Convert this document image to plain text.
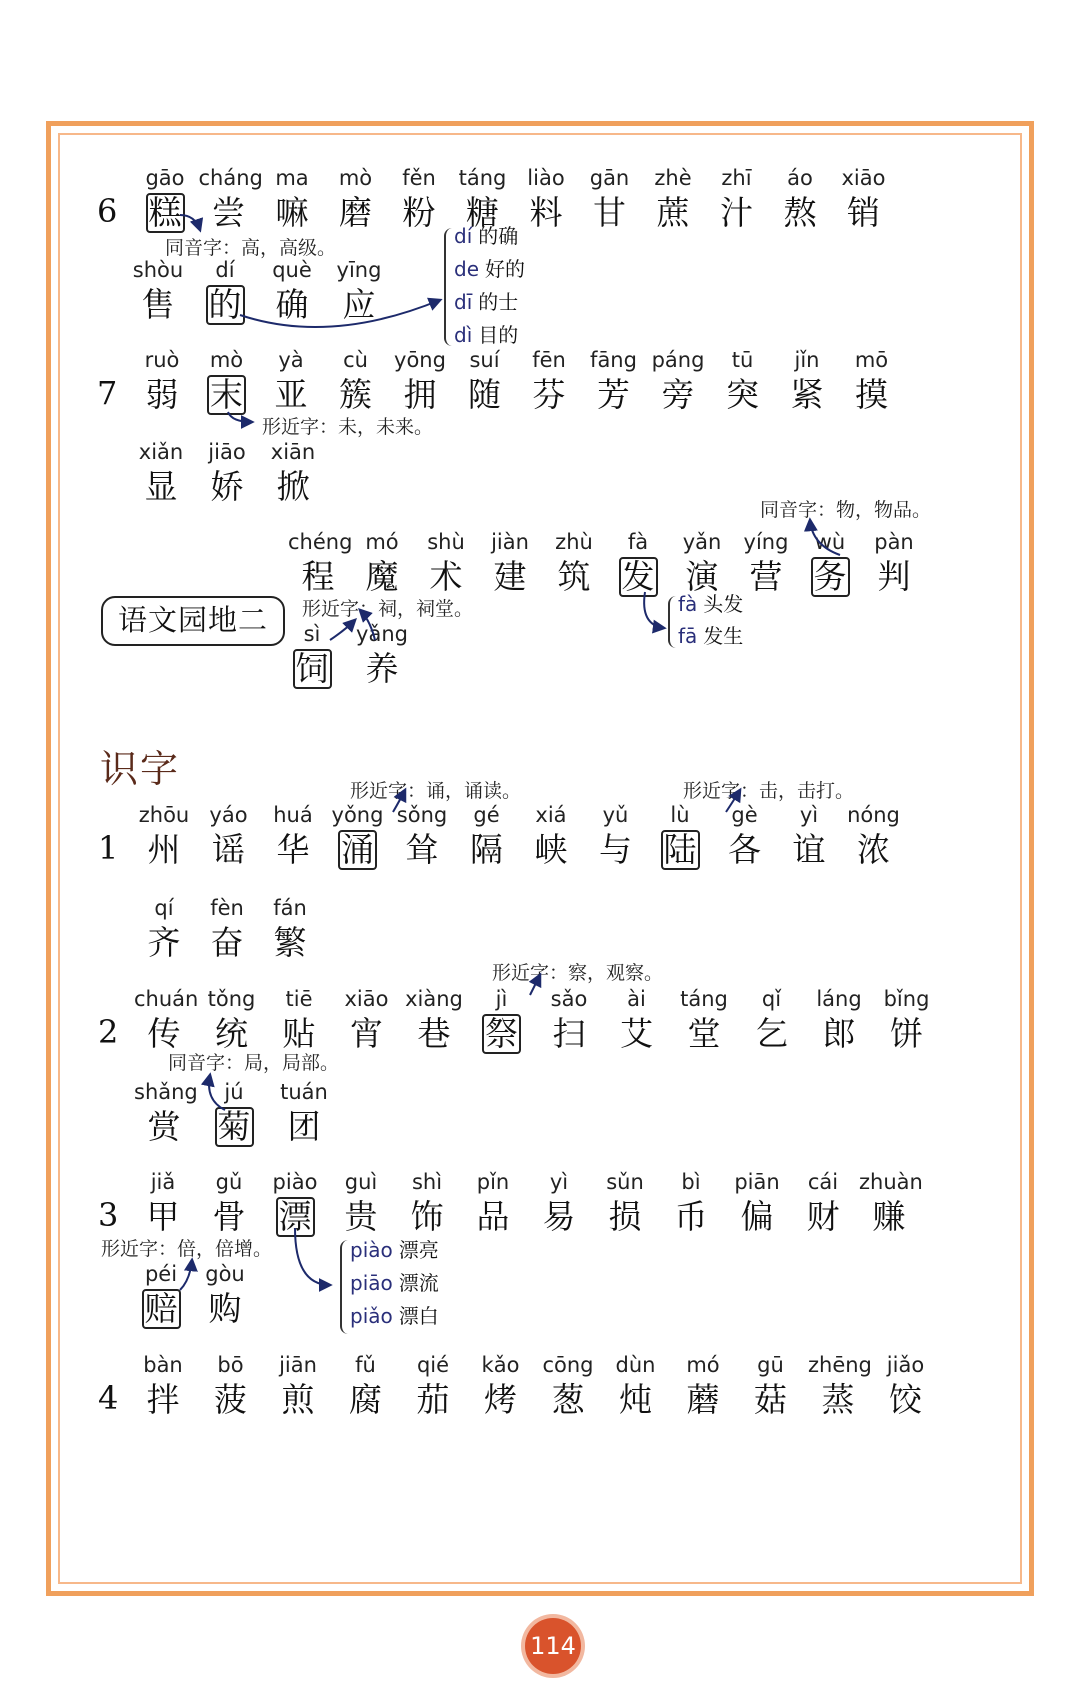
6
gāo
糕
cháng
尝
ma
嘛
mò
磨
fěn
粉
táng
糖
liào
料
gān
甘
zhè
蔗
zhī
汁
áo
熬
xiāo
销
shòu
售
dí
的
què
确
yīng
应
7
ruò
弱
mò
末
yà
亚
cù
簇
yōng
拥
suí
随
fēn
芬
fāng
芳
páng
旁
tū
突
jǐn
紧
mō
摸
xiǎn
显
jiāo
娇
xiān
掀
chéng
程
mó
魔
shù
术
jiàn
建
zhù
筑
fà
发
yǎn
演
yíng
营
wù
务
pàn
判
sì
饲
yǎng
养
1
zhōu
州
yáo
谣
huá
华
yǒng
涌
sǒng
耸
gé
隔
xiá
峡
yǔ
与
lù
陆
gè
各
yì
谊
nóng
浓
qí
齐
fèn
奋
fán
繁
2
chuán
传
tǒng
统
tiē
贴
xiāo
宵
xiàng
巷
jì
祭
sǎo
扫
ài
艾
táng
堂
qǐ
乞
láng
郎
bǐng
饼
shǎng
赏
jú
菊
tuán
团
3
jiǎ
甲
gǔ
骨
piào
漂
guì
贵
shì
饰
pǐn
品
yì
易
sǔn
损
bì
币
piān
偏
cái
财
zhuàn
赚
péi
赔
gòu
购
4
bàn
拌
bō
菠
jiān
煎
fǔ
腐
qié
茄
kǎo
烤
cōng
葱
dùn
炖
mó
蘑
gū
菇
zhēng
蒸
jiǎo
饺
同音字：高，高级。
形近字：未，未来。
同音字：物，物品。
形近字：祠，祠堂。
形近字：诵，诵读。	形近字：击，击打。
形近字：察，观察。
同音字：局，局部。
形近字：倍，倍增。
dí 的确
de 好的
dī 的士
dì 目的
fà 头发
fā 发生
piào 漂亮
piāo 漂流
piǎo 漂白
语文园地二
识字
114
